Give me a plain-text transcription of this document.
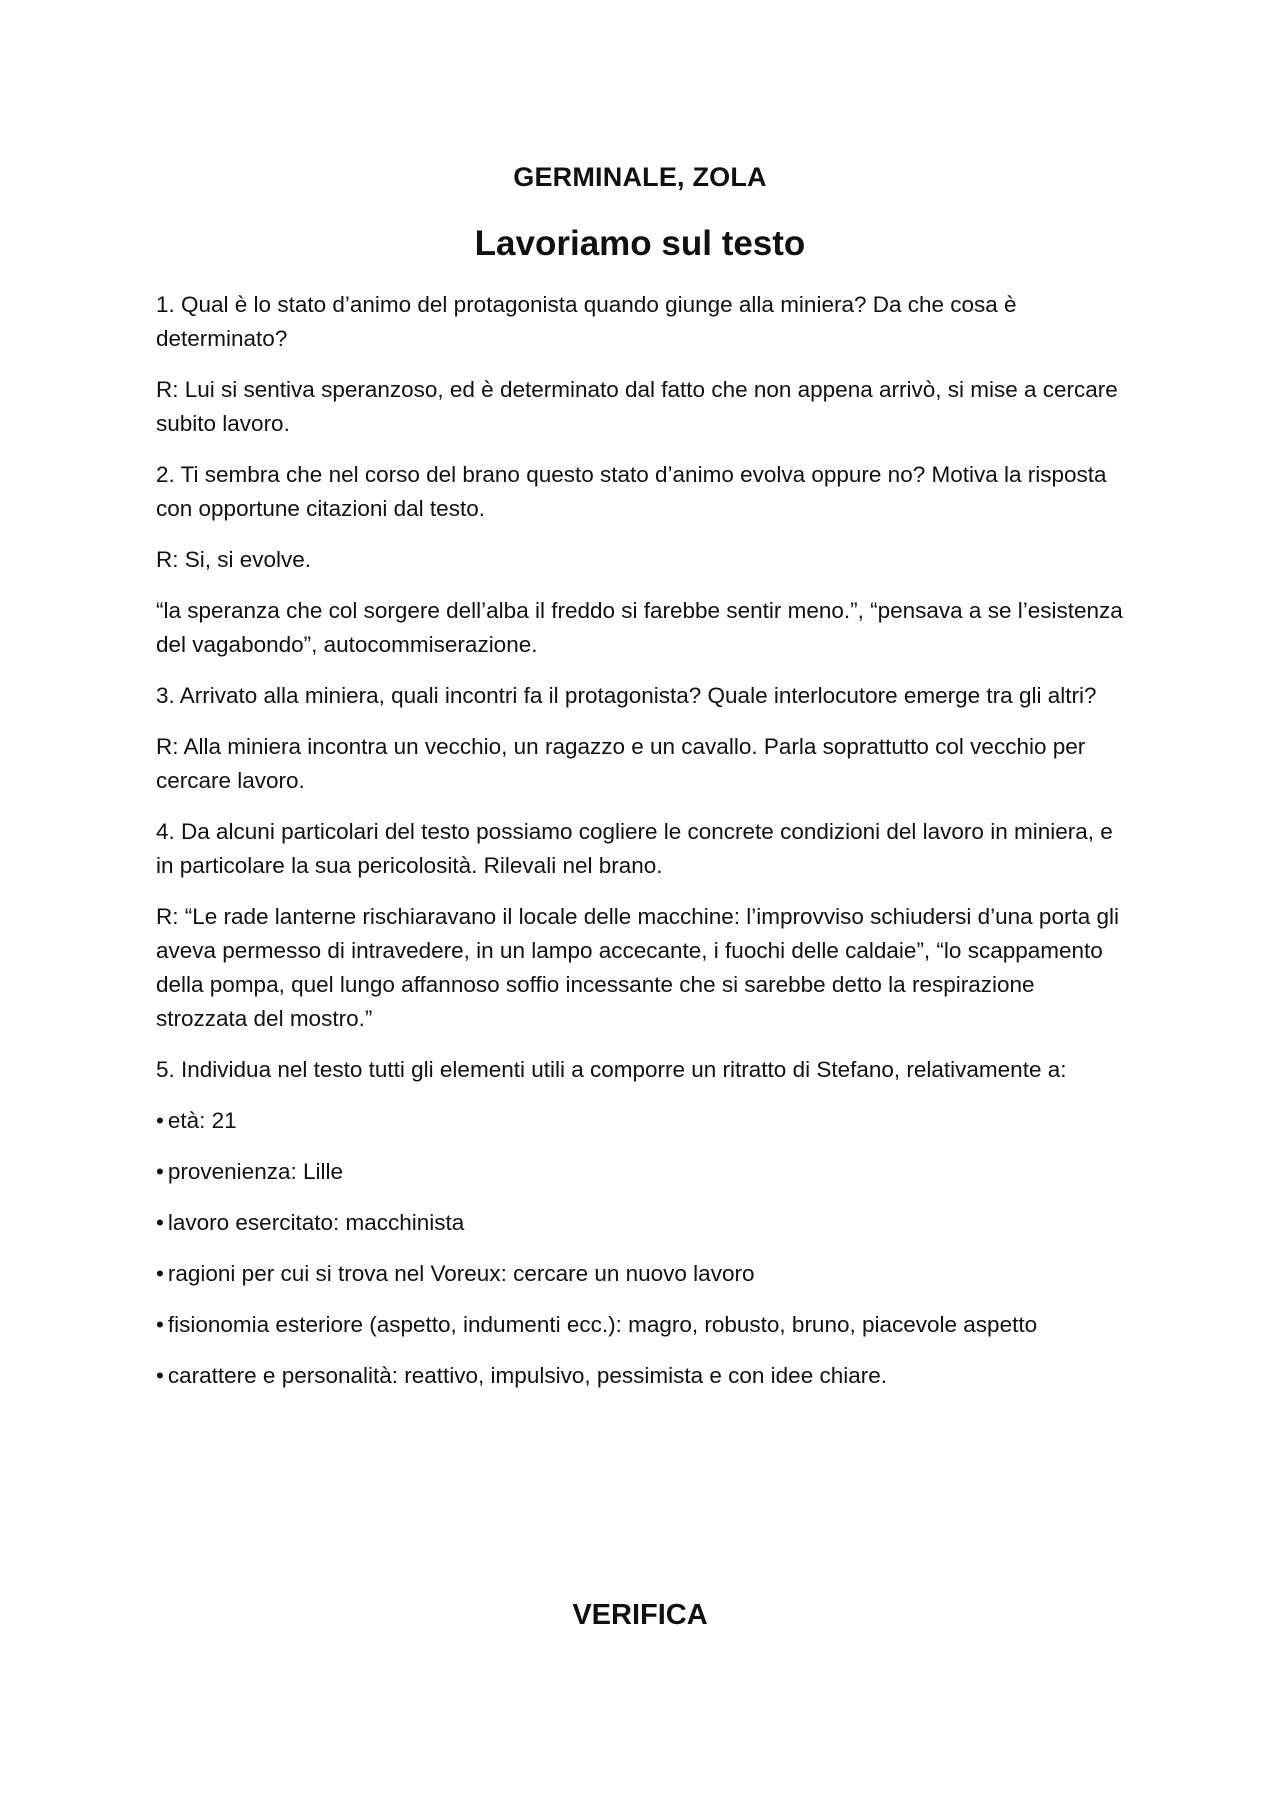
GERMINALE, ZOLA
Lavoriamo sul testo

1. Qual è lo stato d’animo del protagonista quando giunge alla miniera? Da che cosa è determinato?

R: Lui si sentiva speranzoso, ed è determinato dal fatto che non appena arrivò, si mise a cercare subito lavoro.

2. Ti sembra che nel corso del brano questo stato d’animo evolva oppure no? Motiva la risposta con opportune citazioni dal testo.

R: Si, si evolve.

“la speranza che col sorgere dell’alba il freddo si farebbe sentir meno.”, “pensava a se l’esistenza del vagabondo”, autocommiserazione.

3. Arrivato alla miniera, quali incontri fa il protagonista? Quale interlocutore emerge tra gli altri?

R: Alla miniera incontra un vecchio, un ragazzo e un cavallo. Parla soprattutto col vecchio per cercare lavoro.

4. Da alcuni particolari del testo possiamo cogliere le concrete condizioni del lavoro in miniera, e in particolare la sua pericolosità. Rilevali nel brano.

R: “Le rade lanterne rischiaravano il locale delle macchine: l’improvviso schiudersi d’una porta gli aveva permesso di intravedere, in un lampo accecante, i fuochi delle caldaie”, “lo scappamento della pompa, quel lungo affannoso soffio incessante che si sarebbe detto la respirazione strozzata del mostro.”

5. Individua nel testo tutti gli elementi utili a comporre un ritratto di Stefano, relativamente a:

• età: 21

• provenienza: Lille

• lavoro esercitato: macchinista

• ragioni per cui si trova nel Voreux: cercare un nuovo lavoro

• fisionomia esteriore (aspetto, indumenti ecc.): magro, robusto, bruno, piacevole aspetto

• carattere e personalità: reattivo, impulsivo, pessimista e con idee chiare.

VERIFICA
